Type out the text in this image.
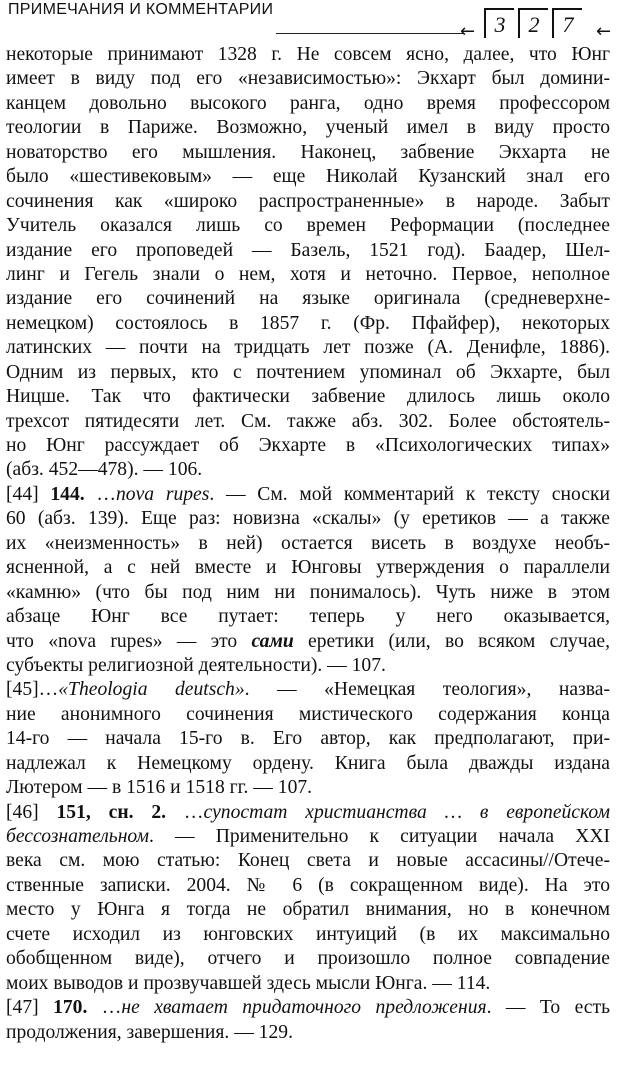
ПРИМЕЧАНИЯ И КОММЕНТАРИИ
← 3	2	7	←
некоторые принимают 1328 г. Не совсем ясно, далее, что Юнг
имеет в виду под его «независимостью»: Экхарт был домини-
канцем довольно высокого ранга, одно время профессором
теологии в Париже. Возможно, ученый имел в виду просто
новаторство его мышления. Наконец, забвение Экхарта не
было «шестивековым» — еще Николай Кузанский знал его
сочинения как «широко распространенные» в народе. Забыт
Учитель оказался лишь со времен Реформации (последнее
издание его проповедей — Базель, 1521 год). Баадер, Шел-
линг и Гегель знали о нем, хотя и неточно. Первое, неполное
издание его сочинений на языке оригинала (средневерхне-
немецком) состоялось в 1857 г. (Фр. Пфайфер), некоторых
латинских — почти на тридцать лет позже (А. Денифле, 1886).
Одним из первых, кто с почтением упоминал об Экхарте, был
Ницше. Так что фактически забвение длилось лишь около
трехсот пятидесяти лет. См. также абз. 302. Более обстоятель-
но Юнг рассуждает об Экхарте в «Психологических типах»
(абз. 452—478). — 106.
[44] 144. …nova rupes. — См. мой комментарий к тексту сноски
60 (абз. 139). Еще раз: новизна «скалы» (у еретиков — а также
их «неизменность» в ней) остается висеть в воздухе необъ-
ясненной, а с ней вместе и Юнговы утверждения о параллели
«камню» (что бы под ним ни понималось). Чуть ниже в этом
абзаце Юнг все путает: теперь у него оказывается,
что «nova rupes» — это сами еретики (или, во всяком случае,
субъекты религиозной деятельности). — 107.
[45]…«Theologia deutsch». — «Немецкая теология», назва-
ние анонимного сочинения мистического содержания конца
14-го — начала 15-го в. Его автор, как предполагают, при-
надлежал к Немецкому ордену. Книга была дважды издана
Лютером — в 1516 и 1518 гг. — 107.
[46] 151, сн. 2. …супостат христианства … в европейском
бессознательном. — Применительно к ситуации начала XXI
века см. мою статью: Конец света и новые ассасины//Отече-
ственные записки. 2004. № 6 (в сокращенном виде). На это
место у Юнга я тогда не обратил внимания, но в конечном
счете исходил из юнговских интуиций (в их максимально
обобщенном виде), отчего и произошло полное совпадение
моих выводов и прозвучавшей здесь мысли Юнга. — 114.
[47] 170. …не хватает придаточного предложения. — То есть
продолжения, завершения. — 129.
